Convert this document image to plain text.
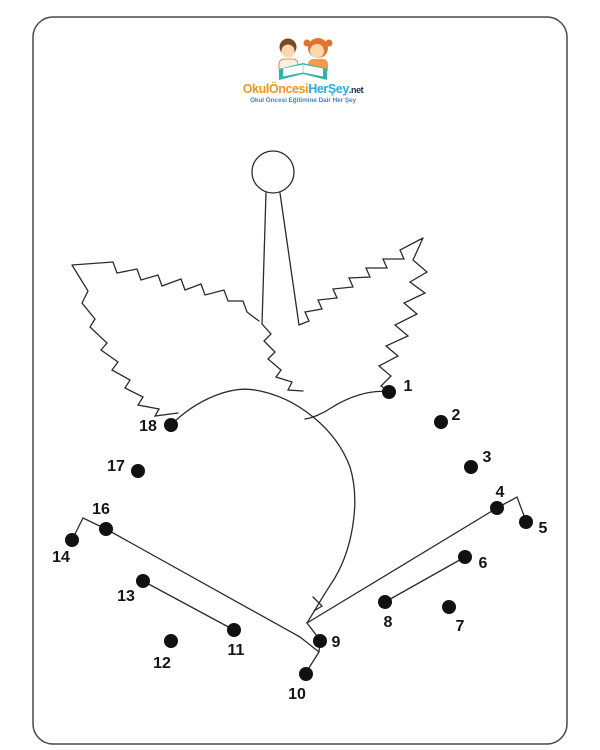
1
2
3
4
5
6
7
8
9
10
11
12
13
14
16
17
18
OkulÖncesiHerŞey.net
Okul Öncesi Eğitimine Dair Her Şey
